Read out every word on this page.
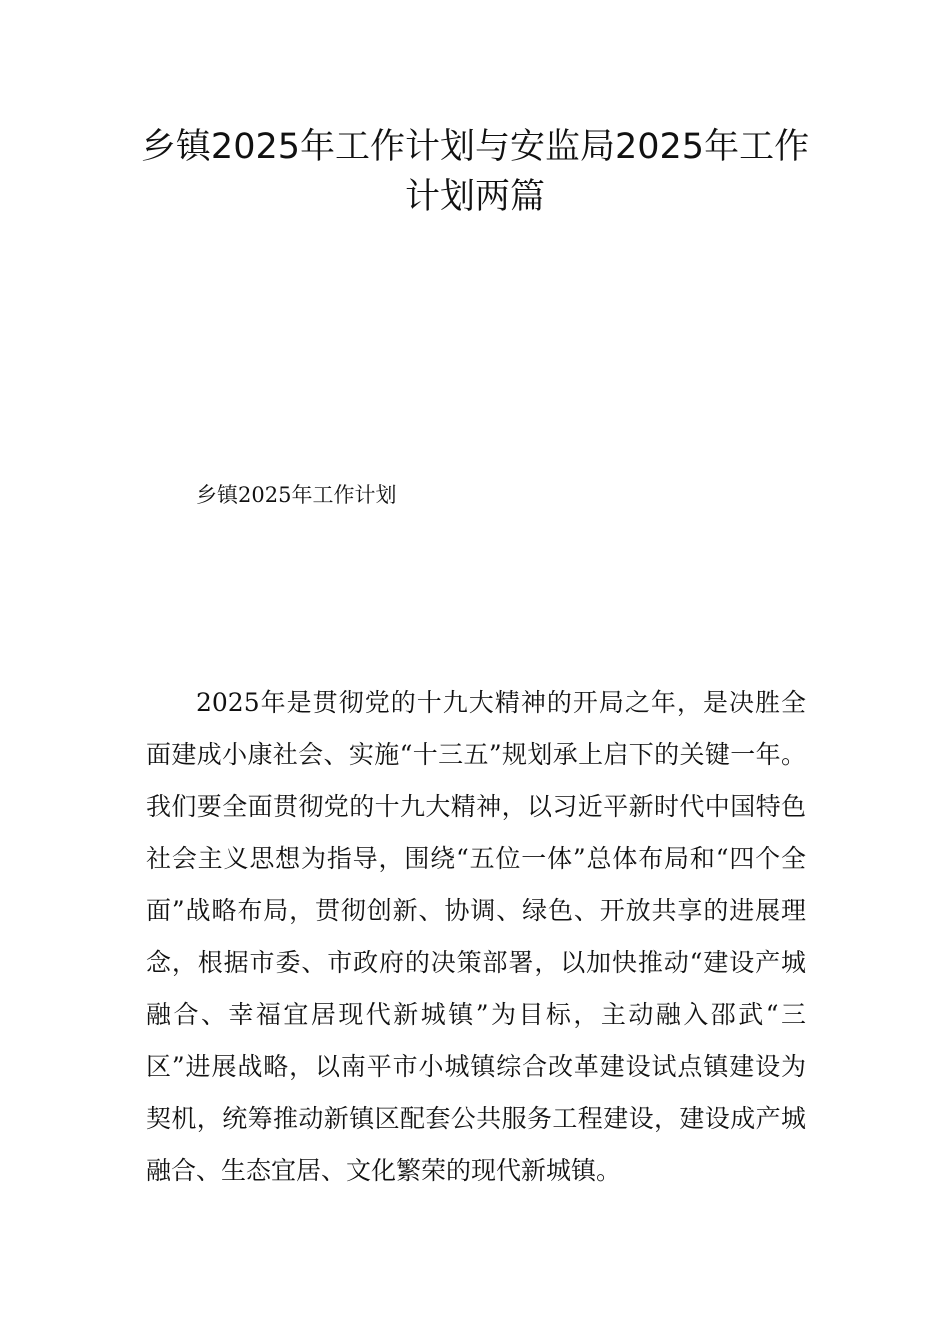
乡镇2025年工作计划与安监局2025年工作
计划两篇

乡镇2025年工作计划

2025年是贯彻党的十九大精神的开局之年，是决胜全面建成小康社会、实施“十三五”规划承上启下的关键一年。我们要全面贯彻党的十九大精神，以习近平新时代中国特色社会主义思想为指导，围绕“五位一体”总体布局和“四个全面”战略布局，贯彻创新、协调、绿色、开放共享的进展理念，根据市委、市政府的决策部署，以加快推动“建设产城融合、幸福宜居现代新城镇”为目标，主动融入邵武“三区”进展战略，以南平市小城镇综合改革建设试点镇建设为契机，统筹推动新镇区配套公共服务工程建设，建设成产城融合、生态宜居、文化繁荣的现代新城镇。
